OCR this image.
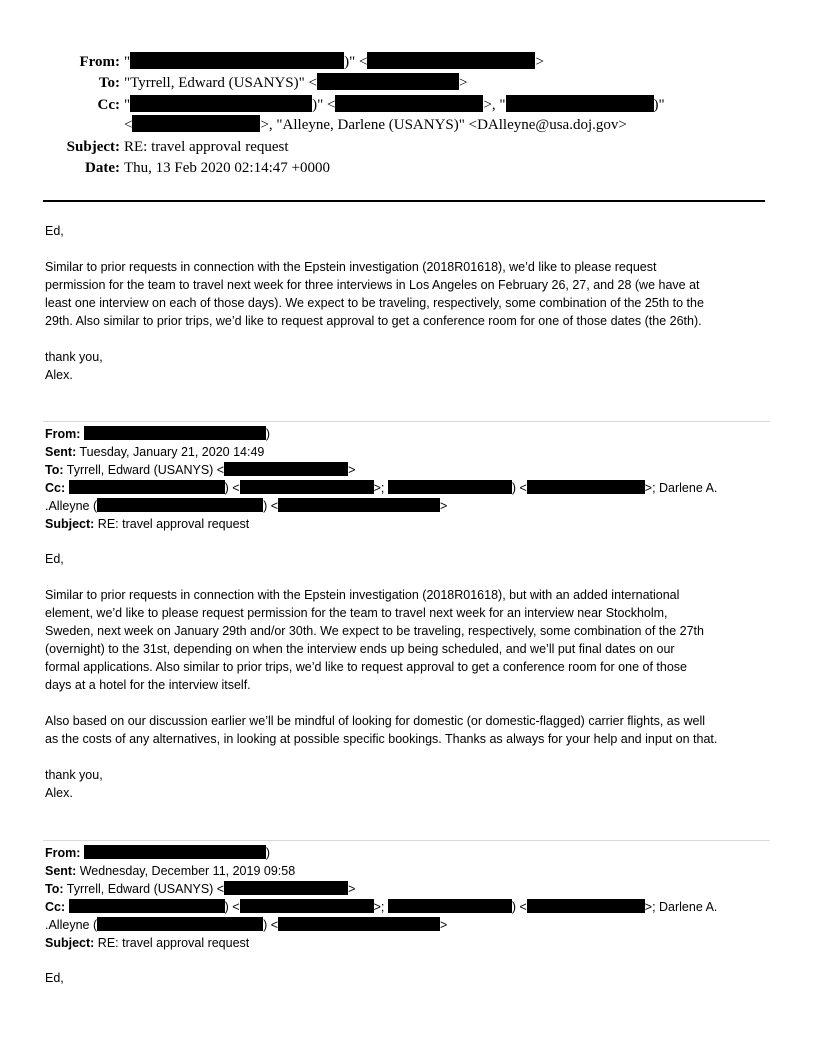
From: "	)" <	>
To: "Tyrrell, Edward (USANYS)" <	>
Cc: "	)" <	>, "	)"
<	>, "Alleyne, Darlene (USANYS)" <DAlleyne@usa.doj.gov>
Subject: RE: travel approval request
Date: Thu, 13 Feb 2020 02:14:47 +0000

Ed,

Similar to prior requests in connection with the Epstein investigation (2018R01618), we’d like to please request

permission for the team to travel next week for three interviews in Los Angeles on February 26, 27, and 28 (we have at

least one interview on each of those days). We expect to be traveling, respectively, some combination of the 25th to the

29th. Also similar to prior trips, we’d like to request approval to get a conference room for one of those dates (the 26th).

thank you,

Alex.

From:	)
Sent: Tuesday, January 21, 2020 14:49
To: Tyrrell, Edward (USANYS) <	>
Cc:	) <	>;	) <	>; Darlene A.
.Alleyne (	) <	>
Subject: RE: travel approval request

Ed,

Similar to prior requests in connection with the Epstein investigation (2018R01618), but with an added international

element, we’d like to please request permission for the team to travel next week for an interview near Stockholm,

Sweden, next week on January 29th and/or 30th. We expect to be traveling, respectively, some combination of the 27th

(overnight) to the 31st, depending on when the interview ends up being scheduled, and we’ll put final dates on our

formal applications. Also similar to prior trips, we’d like to request approval to get a conference room for one of those

days at a hotel for the interview itself.

Also based on our discussion earlier we’ll be mindful of looking for domestic (or domestic-flagged) carrier flights, as well

as the costs of any alternatives, in looking at possible specific bookings. Thanks as always for your help and input on that.

thank you,

Alex.

From:	)
Sent: Wednesday, December 11, 2019 09:58
To: Tyrrell, Edward (USANYS) <	>
Cc:	) <	>;	) <	>; Darlene A.
.Alleyne (	) <	>
Subject: RE: travel approval request

Ed,
